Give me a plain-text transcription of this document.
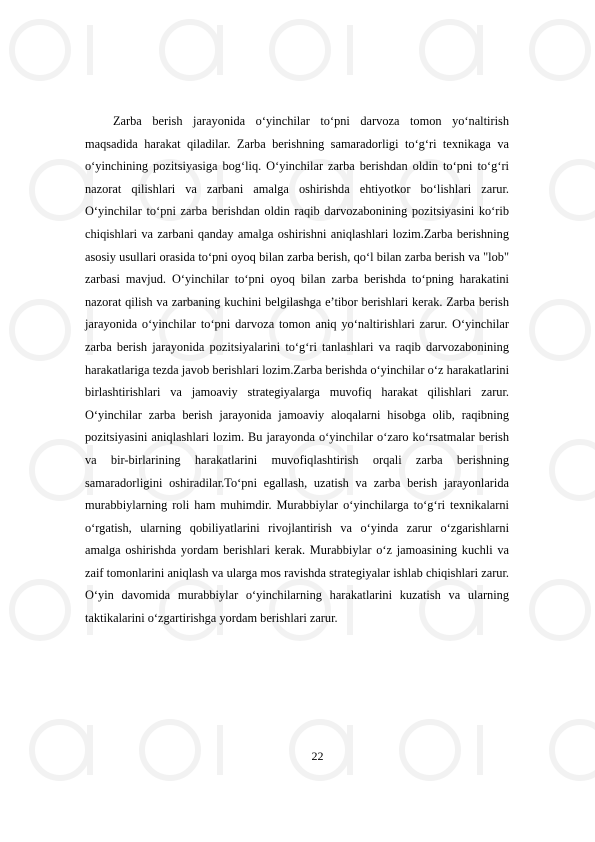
Zarba berish jarayonida o‘yinchilar to‘pni darvoza tomon yo‘naltirish maqsadida harakat qiladilar. Zarba berishning samaradorligi to‘g‘ri texnikaga va o‘yinchining pozitsiyasiga bog‘liq. O‘yinchilar zarba berishdan oldin to‘pni to‘g‘ri nazorat qilishlari va zarbani amalga oshirishda ehtiyotkor bo‘lishlari zarur. O‘yinchilar to‘pni zarba berishdan oldin raqib darvozabonining pozitsiyasini ko‘rib chiqishlari va zarbani qanday amalga oshirishni aniqlashlari lozim.Zarba berishning asosiy usullari orasida to‘pni oyoq bilan zarba berish, qo‘l bilan zarba berish va "lob" zarbasi mavjud. O‘yinchilar to‘pni oyoq bilan zarba berishda to‘pning harakatini nazorat qilish va zarbaning kuchini belgilashga e’tibor berishlari kerak. Zarba berish jarayonida o‘yinchilar to‘pni darvoza tomon aniq yo‘naltirishlari zarur. O‘yinchilar zarba berish jarayonida pozitsiyalarini to‘g‘ri tanlashlari va raqib darvozabonining harakatlariga tezda javob berishlari lozim.Zarba berishda o‘yinchilar o‘z harakatlarini birlashtirishlari va jamoaviy strategiyalarga muvofiq harakat qilishlari zarur. O‘yinchilar zarba berish jarayonida jamoaviy aloqalarni hisobga olib, raqibning pozitsiyasini aniqlashlari lozim. Bu jarayonda o‘yinchilar o‘zaro ko‘rsatmalar berish va bir-birlarining harakatlarini muvofiqlashtirish orqali zarba berishning samaradorligini oshiradilar.To‘pni egallash, uzatish va zarba berish jarayonlarida murabbiylarning roli ham muhimdir. Murabbiylar o‘yinchilarga to‘g‘ri texnikalarni o‘rgatish, ularning qobiliyatlarini rivojlantirish va o‘yinda zarur o‘zgarishlarni amalga oshirishda yordam berishlari kerak. Murabbiylar o‘z jamoasining kuchli va zaif tomonlarini aniqlash va ularga mos ravishda strategiyalar ishlab chiqishlari zarur. O‘yin davomida murabbiylar o‘yinchilarning harakatlarini kuzatish va ularning taktikalarini o‘zgartirishga yordam berishlari zarur.

22
